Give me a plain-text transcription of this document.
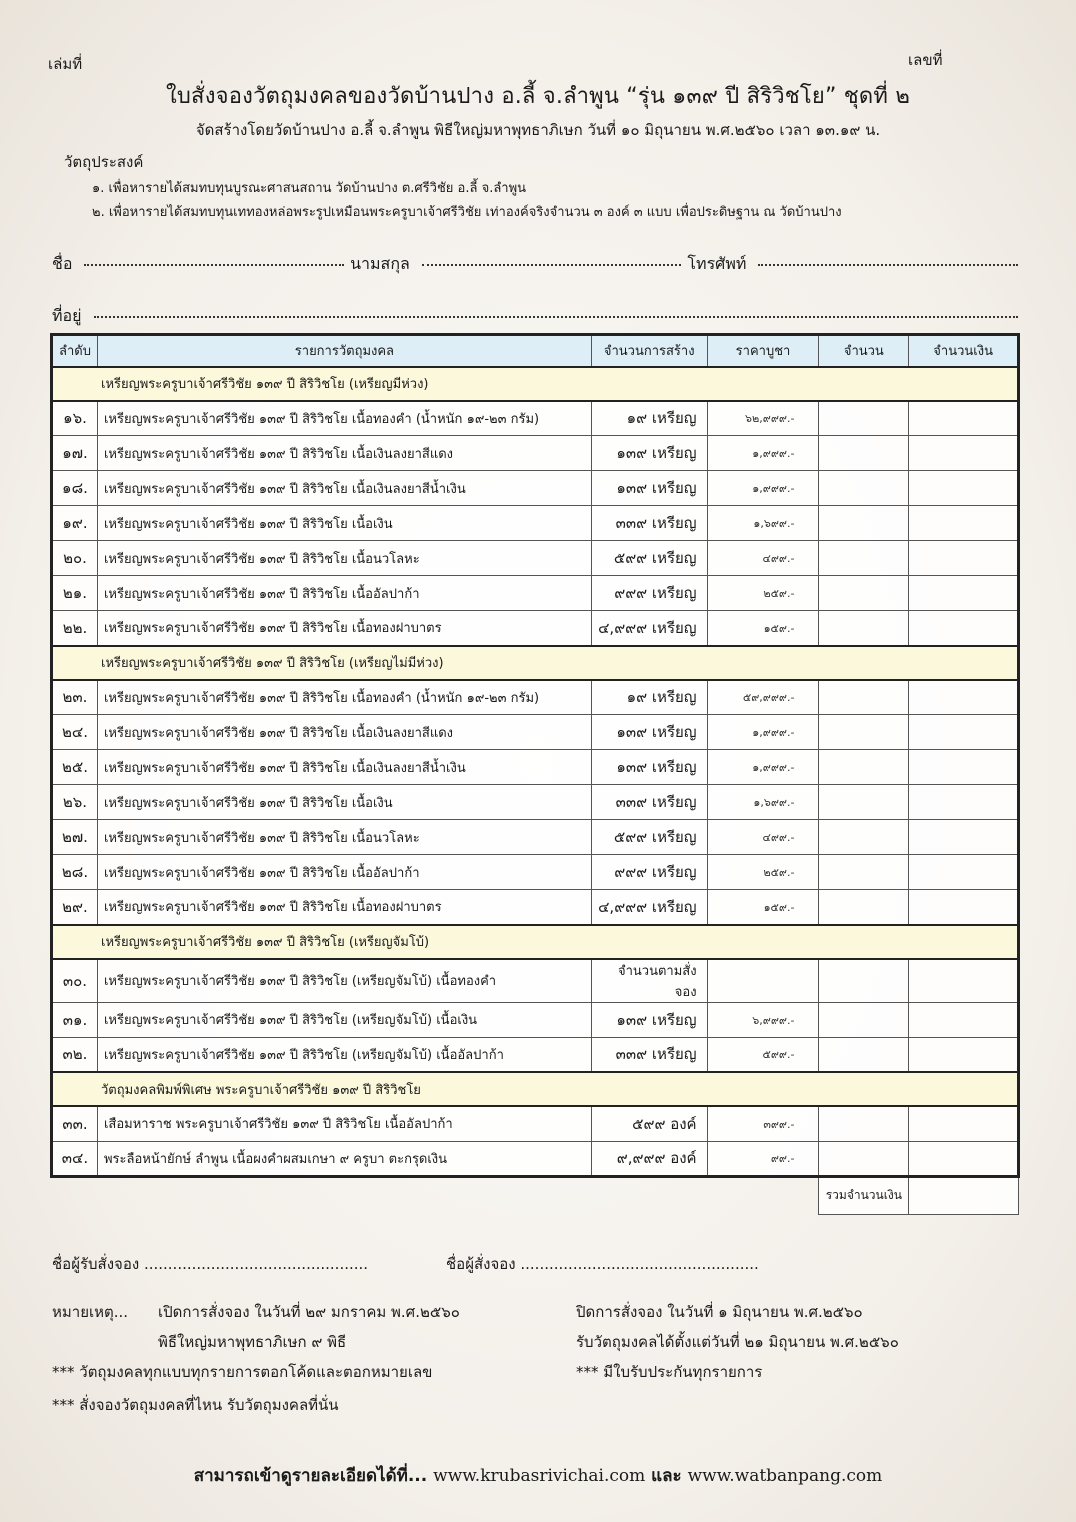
เล่มที่	เลขที่
ใบสั่งจองวัตถุมงคลของวัดบ้านปาง อ.ลี้ จ.ลำพูน “รุ่น ๑๓๙ ปี สิริวิชโย” ชุดที่ ๒
จัดสร้างโดยวัดบ้านปาง อ.ลี้ จ.ลำพูน พิธีใหญ่มหาพุทธาภิเษก วันที่ ๑๐ มิถุนายน พ.ศ.๒๕๖๐ เวลา ๑๓.๑๙ น.
วัตถุประสงค์
๑. เพื่อหารายได้สมทบทุนบูรณะศาสนสถาน วัดบ้านปาง ต.ศรีวิชัย อ.ลี้ จ.ลำพูน
๒. เพื่อหารายได้สมทบทุนเททองหล่อพระรูปเหมือนพระครูบาเจ้าศรีวิชัย เท่าองค์จริงจำนวน ๓ องค์ ๓ แบบ เพื่อประดิษฐาน ณ วัดบ้านปาง
ชื่อ	นามสกุล	โทรศัพท์
ที่อยู่
ลำดับ	รายการวัตถุมงคล	จำนวนการสร้าง	ราคาบูชา	จำนวน	จำนวนเงิน
เหรียญพระครูบาเจ้าศรีวิชัย ๑๓๙ ปี สิริวิชโย (เหรียญมีห่วง)					
๑๖.	เหรียญพระครูบาเจ้าศรีวิชัย ๑๓๙ ปี สิริวิชโย เนื้อทองคำ (น้ำหนัก ๑๙-๒๓ กรัม)	๑๙ เหรียญ	๖๒,๙๙๙.-		
๑๗.	เหรียญพระครูบาเจ้าศรีวิชัย ๑๓๙ ปี สิริวิชโย เนื้อเงินลงยาสีแดง	๑๓๙ เหรียญ	๑,๙๙๙.-		
๑๘.	เหรียญพระครูบาเจ้าศรีวิชัย ๑๓๙ ปี สิริวิชโย เนื้อเงินลงยาสีน้ำเงิน	๑๓๙ เหรียญ	๑,๙๙๙.-		
๑๙.	เหรียญพระครูบาเจ้าศรีวิชัย ๑๓๙ ปี สิริวิชโย เนื้อเงิน	๓๓๙ เหรียญ	๑,๖๙๙.-		
๒๐.	เหรียญพระครูบาเจ้าศรีวิชัย ๑๓๙ ปี สิริวิชโย เนื้อนวโลหะ	๕๙๙ เหรียญ	๔๙๙.-		
๒๑.	เหรียญพระครูบาเจ้าศรีวิชัย ๑๓๙ ปี สิริวิชโย เนื้ออัลปาก้า	๙๙๙ เหรียญ	๒๕๙.-		
๒๒.	เหรียญพระครูบาเจ้าศรีวิชัย ๑๓๙ ปี สิริวิชโย เนื้อทองฝาบาตร	๔,๙๙๙ เหรียญ	๑๕๙.-		
เหรียญพระครูบาเจ้าศรีวิชัย ๑๓๙ ปี สิริวิชโย (เหรียญไม่มีห่วง)					
๒๓.	เหรียญพระครูบาเจ้าศรีวิชัย ๑๓๙ ปี สิริวิชโย เนื้อทองคำ (น้ำหนัก ๑๙-๒๓ กรัม)	๑๙ เหรียญ	๕๙,๙๙๙.-		
๒๔.	เหรียญพระครูบาเจ้าศรีวิชัย ๑๓๙ ปี สิริวิชโย เนื้อเงินลงยาสีแดง	๑๓๙ เหรียญ	๑,๙๙๙.-		
๒๕.	เหรียญพระครูบาเจ้าศรีวิชัย ๑๓๙ ปี สิริวิชโย เนื้อเงินลงยาสีน้ำเงิน	๑๓๙ เหรียญ	๑,๙๙๙.-		
๒๖.	เหรียญพระครูบาเจ้าศรีวิชัย ๑๓๙ ปี สิริวิชโย เนื้อเงิน	๓๓๙ เหรียญ	๑,๖๙๙.-		
๒๗.	เหรียญพระครูบาเจ้าศรีวิชัย ๑๓๙ ปี สิริวิชโย เนื้อนวโลหะ	๕๙๙ เหรียญ	๔๙๙.-		
๒๘.	เหรียญพระครูบาเจ้าศรีวิชัย ๑๓๙ ปี สิริวิชโย เนื้ออัลปาก้า	๙๙๙ เหรียญ	๒๕๙.-		
๒๙.	เหรียญพระครูบาเจ้าศรีวิชัย ๑๓๙ ปี สิริวิชโย เนื้อทองฝาบาตร	๔,๙๙๙ เหรียญ	๑๕๙.-		
เหรียญพระครูบาเจ้าศรีวิชัย ๑๓๙ ปี สิริวิชโย (เหรียญจัมโบ้)					
๓๐.	เหรียญพระครูบาเจ้าศรีวิชัย ๑๓๙ ปี สิริวิชโย (เหรียญจัมโบ้) เนื้อทองคำ	จำนวนตามสั่งจอง			
๓๑.	เหรียญพระครูบาเจ้าศรีวิชัย ๑๓๙ ปี สิริวิชโย (เหรียญจัมโบ้) เนื้อเงิน	๑๓๙ เหรียญ	๖,๙๙๙.-		
๓๒.	เหรียญพระครูบาเจ้าศรีวิชัย ๑๓๙ ปี สิริวิชโย (เหรียญจัมโบ้) เนื้ออัลปาก้า	๓๓๙ เหรียญ	๕๙๙.-		
วัตถุมงคลพิมพ์พิเศษ พระครูบาเจ้าศรีวิชัย ๑๓๙ ปี สิริวิชโย					
๓๓.	เสือมหาราช พระครูบาเจ้าศรีวิชัย ๑๓๙ ปี สิริวิชโย เนื้ออัลปาก้า	๕๙๙ องค์	๓๙๙.-		
๓๔.	พระลือหน้ายักษ์ ลำพูน เนื้อผงคำผสมเกษา ๙ ครูบา ตะกรุดเงิน	๙,๙๙๙ องค์	๙๙.-		
				รวมจำนวนเงิน	
ชื่อผู้รับสั่งจอง ...............................................	ชื่อผู้สั่งจอง ..................................................
หมายเหตุ... เปิดการสั่งจอง ในวันที่ ๒๙ มกราคม พ.ศ.๒๕๖๐
พิธีใหญ่มหาพุทธาภิเษก ๙ พิธี
*** วัตถุมงคลทุกแบบทุกรายการตอกโค้ดและตอกหมายเลข
*** สั่งจองวัตถุมงคลที่ไหน รับวัตถุมงคลที่นั่น
ปิดการสั่งจอง ในวันที่ ๑ มิถุนายน พ.ศ.๒๕๖๐
รับวัตถุมงคลได้ตั้งแต่วันที่ ๒๑ มิถุนายน พ.ศ.๒๕๖๐
*** มีใบรับประกันทุกรายการ
สามารถเข้าดูรายละเอียดได้ที่... www.krubasrivichai.com และ www.watbanpang.com
